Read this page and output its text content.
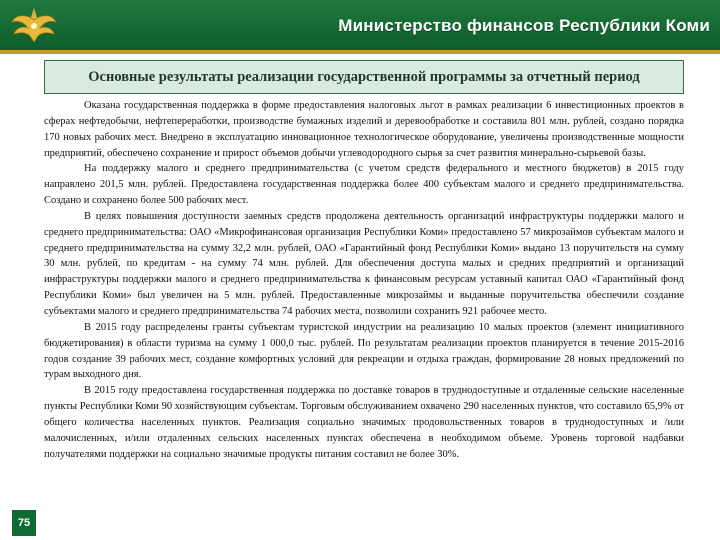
Министерство финансов Республики Коми
Основные результаты реализации государственной программы за отчетный период

Оказана государственная поддержка в форме предоставления налоговых льгот в рамках реализации 6 инвестиционных проектов в сферах нефтедобычи, нефтепереработки, производстве бумажных изделий и деревообработке и составила 801 млн. рублей, создано порядка 170 новых рабочих мест. Внедрено в эксплуатацию инновационное технологическое оборудование, увеличены производственные мощности предприятий, обеспечено сохранение и прирост объемов добычи углеводородного сырья за счет развития минерально-сырьевой базы.

На поддержку малого и среднего предпринимательства (с учетом средств федерального и местного бюджетов) в 2015 году направлено 201,5 млн. рублей. Предоставлена государственная поддержка более 400 субъектам малого и среднего предпринимательства. Создано и сохранено более 500 рабочих мест.

В целях повышения доступности заемных средств продолжена деятельность организаций инфраструктуры поддержки малого и среднего предпринимательства: ОАО «Микрофинансовая организация Республики Коми» предоставлено 57 микрозаймов субъектам малого и среднего предпринимательства на сумму 32,2 млн. рублей, ОАО «Гарантийный фонд Республики Коми» выдано 13 поручительств на сумму 30 млн. рублей, по кредитам - на сумму 74 млн. рублей. Для обеспечения доступа малых и средних предприятий и организаций инфраструктуры поддержки малого и среднего предпринимательства к финансовым ресурсам уставный капитал ОАО «Гарантийный фонд Республики Коми» был увеличен на 5 млн. рублей. Предоставленные микрозаймы и выданные поручительства обеспечили создание субъектами малого и среднего предпринимательства 74 рабочих места, позволили сохранить 921 рабочее место.

В 2015 году распределены гранты субъектам туристской индустрии на реализацию 10 малых проектов (элемент инициативного бюджетирования) в области туризма на сумму 1 000,0 тыс. рублей. По результатам реализации проектов планируется в течение 2015-2016 годов создание 39 рабочих мест, создание комфортных условий для рекреации и отдыха граждан, формирование 28 новых предложений по турам выходного дня.

В 2015 году предоставлена государственная поддержка по доставке товаров в труднодоступные и отдаленные сельские населенные пункты Республики Коми 90 хозяйствующим субъектам. Торговым обслуживанием охвачено 290 населенных пунктов, что составило 65,9% от общего количества населенных пунктов. Реализация социально значимых продовольственных товаров в труднодоступных и /или малочисленных, и/или отдаленных сельских населенных пунктах обеспечена в необходимом объеме. Уровень торговой надбавки получателями поддержки на социально значимые продукты питания составил не более 30%.

75
